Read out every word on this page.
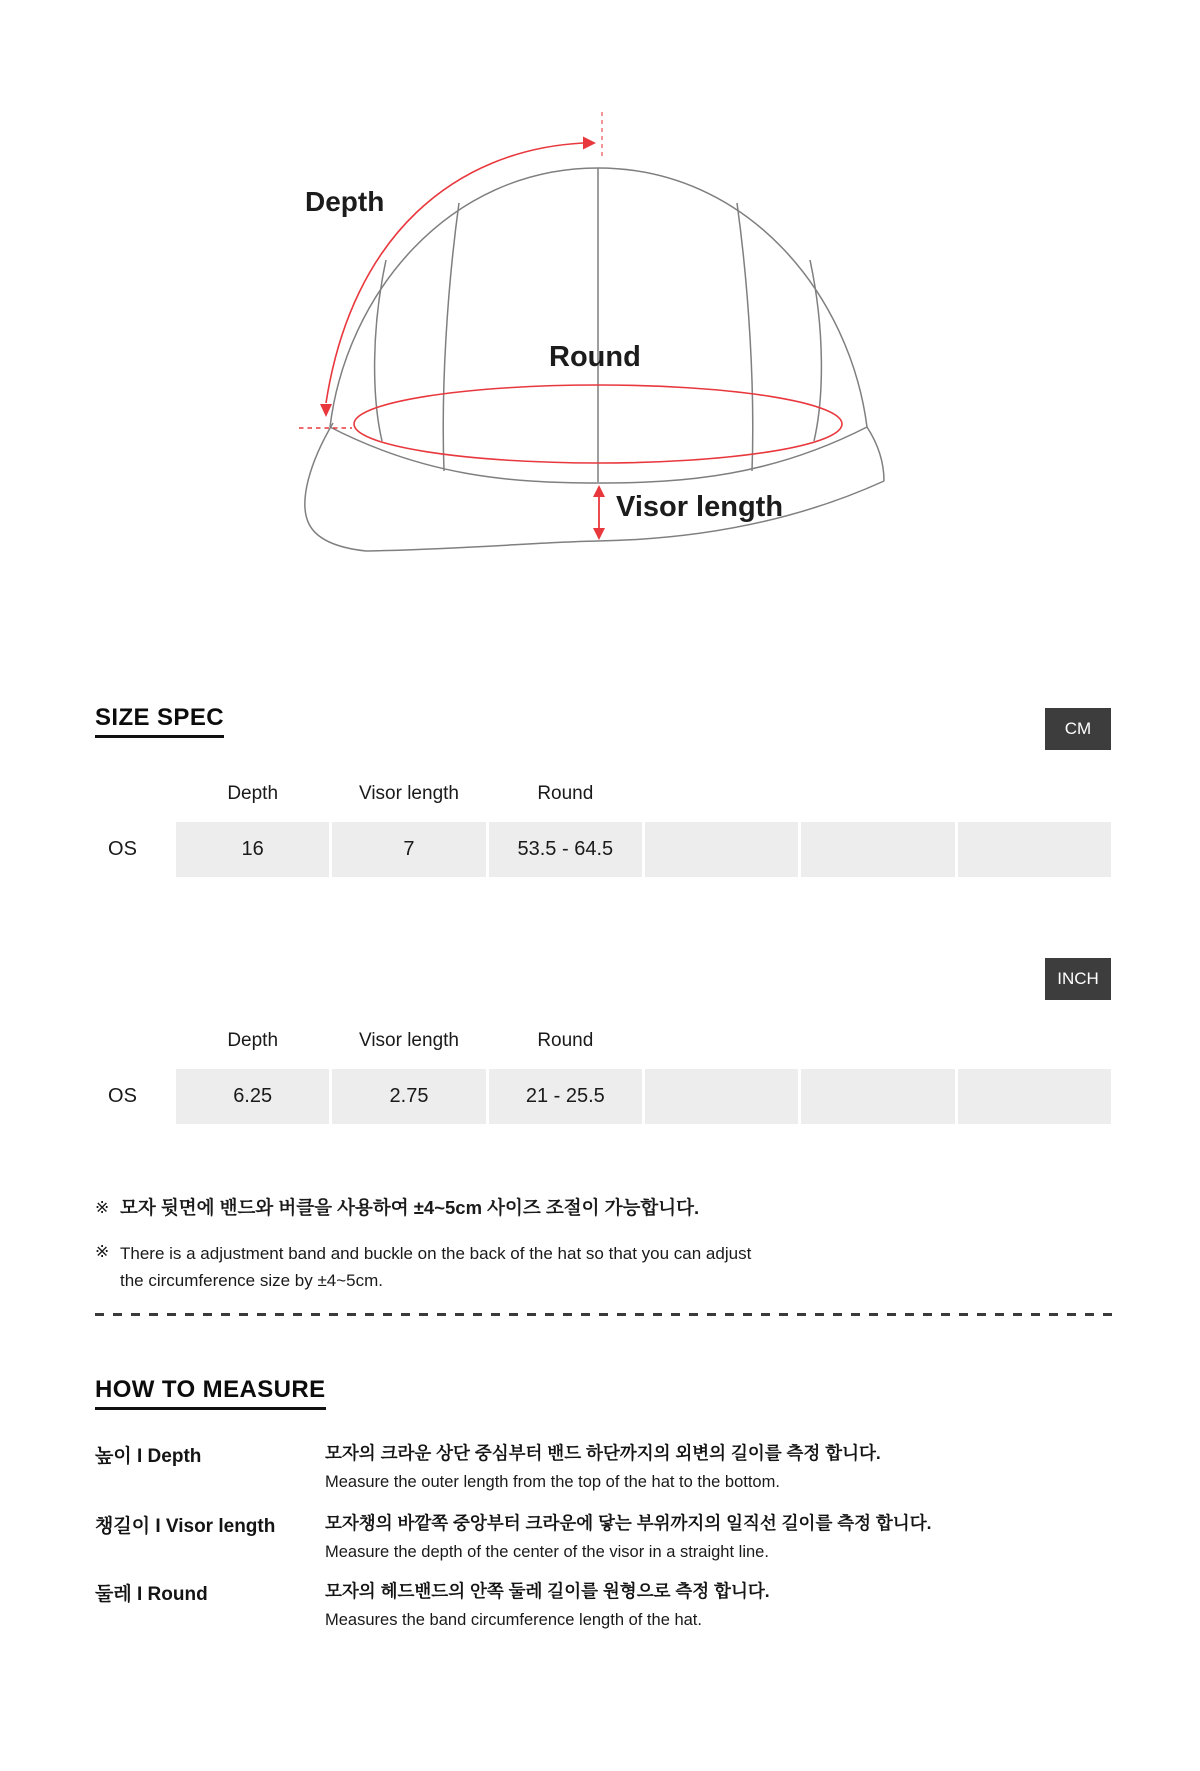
Depth
Round
Visor length
SIZE SPEC	CM
Depth	Visor length	Round
OS	16	7	53.5 - 64.5
INCH
Depth	Visor length	Round
OS	6.25	2.75	21 - 25.5
※ 모자 뒷면에 밴드와 버클을 사용하여 ±4~5cm 사이즈 조절이 가능합니다.
※ There is a adjustment band and buckle on the back of the hat so that you can adjust the circumference size by ±4~5cm.
HOW TO MEASURE
높이 I Depth	모자의 크라운 상단 중심부터 밴드 하단까지의 외변의 길이를 측정 합니다.
Measure the outer length from the top of the hat to the bottom.
챙길이 I Visor length	모자챙의 바깥쪽 중앙부터 크라운에 닿는 부위까지의 일직선 길이를 측정 합니다.
Measure the depth of the center of the visor in a straight line.
둘레 I Round	모자의 헤드밴드의 안쪽 둘레 길이를 원형으로 측정 합니다.
Measures the band circumference length of the hat.
